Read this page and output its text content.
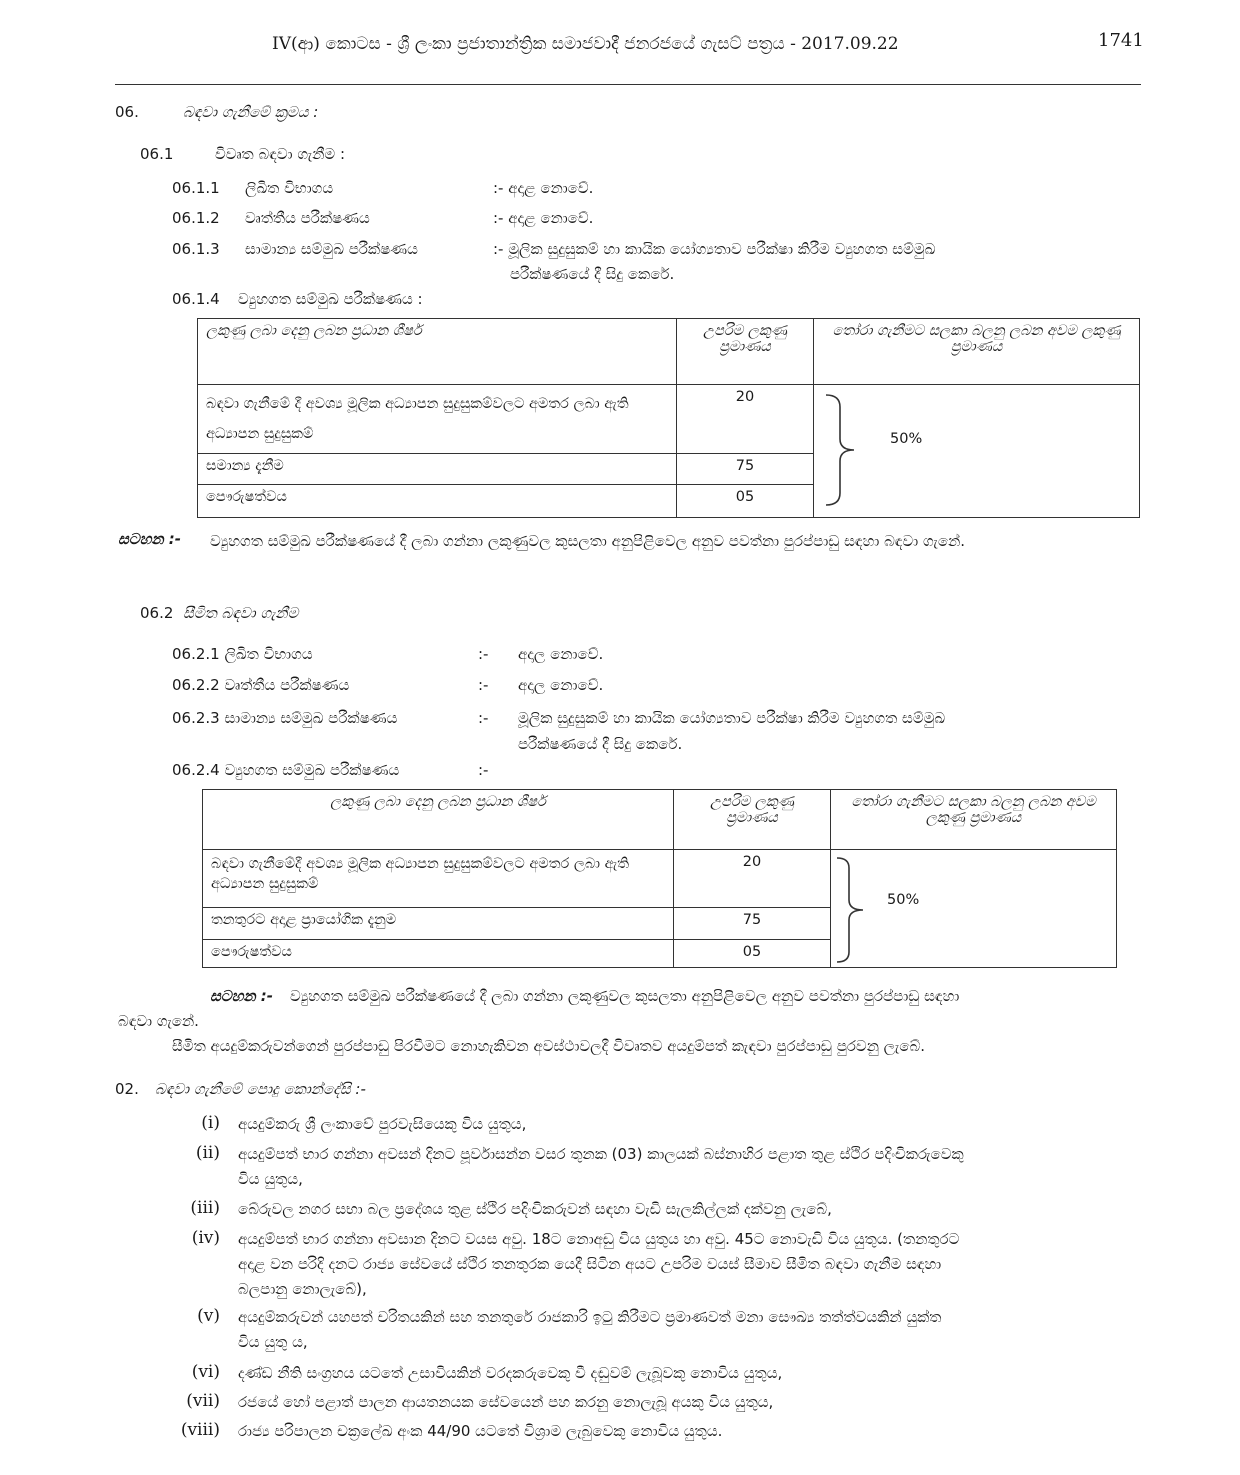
IV(ආ) කොටස - ශ්‍රී ලංකා ප්‍රජාතාන්ත්‍රික සමාජවාදී ජනරජයේ ගැසට් පත්‍රය - 2017.09.22	1741
06.	බඳවා ගැනීමේ ක්‍රමය :
06.1	විවෘත බඳවා ගැනීම :
06.1.1 ලිඛිත විභාගය	:- අදාළ නොවේ.
06.1.2 වෘත්තීය පරීක්ෂණය	:- අදාළ නොවේ.
06.1.3 සාමාන්‍ය සම්මුඛ පරීක්ෂණය	:- මූලික සුදුසුකම් හා කායික යෝග්‍යතාව පරීක්ෂා කිරීම ව්‍යුහගත සම්මුඛ
පරීක්ෂණයේ දී සිදු කෙරේ.
06.1.4 ව්‍යුහගත සම්මුඛ පරීක්ෂණය :
ලකුණු ලබා දෙනු ලබන ප්‍රධාන ශීර්ෂ	උපරිම ලකුණු ප්‍රමාණය	තෝරා ගැනීමට සලකා බලනු ලබන අවම ලකුණු ප්‍රමාණය
බඳවා ගැනීමේ දී අවශ්‍ය මූලික අධ්‍යාපන සුදුසුකම්වලට අමතර ලබා ඇති අධ්‍යාපන සුදුසුකම්	20	50%

සමාන්‍ය දැනීම	75	
පෞරුෂත්වය	05	
සටහන :- ව්‍යුහගත සම්මුඛ පරීක්ෂණයේ දී ලබා ගන්නා ලකුණුවල කුසලතා අනුපිළිවෙල අනුව පවත්නා පුරප්පාඩු සඳහා බඳවා ගැනේ.
06.2 සීමිත බඳවා ගැනීම
06.2.1 ලිඛිත විභාගය	:- අදාල නොවේ.
06.2.2 වෘත්තීය පරීක්ෂණය	:- අදාල නොවේ.
06.2.3 සාමාන්‍ය සම්මුඛ පරීක්ෂණය	:- මූලික සුදුසුකම් හා කායික යෝග්‍යතාව පරීක්ෂා කිරීම ව්‍යුහගත සම්මුඛ
පරීක්ෂණයේ දී සිදු කෙරේ.
06.2.4 ව්‍යුහගත සම්මුඛ පරීක්ෂණය	:-
ලකුණු ලබා දෙනු ලබන ප්‍රධාන ශීර්ෂ	උපරිම ලකුණු ප්‍රමාණය	තෝරා ගැනීමට සලකා බලනු ලබන අවම ලකුණු ප්‍රමාණය
බඳවා ගැනීමේදී අවශ්‍ය මූලික අධ්‍යාපන සුදුසුකම්වලට අමතර ලබා ඇති අධ්‍යාපන සුදුසුකම්	20	50%

තනතුරට අදාළ ප්‍රායෝගික දැනුම	75	
පෞරුෂත්වය	05	
සටහන :- ව්‍යුහගත සම්මුඛ පරීක්ෂණයේ දී ලබා ගන්නා ලකුණුවල කුසලතා අනුපිළිවෙල අනුව පවත්නා පුරප්පාඩු සඳහා
බඳවා ගැනේ.
සීමිත අයදුම්කරුවන්ගෙන් පුරප්පාඩු පිරවීමට නොහැකිවන අවස්ථාවලදී විවෘතව අයදුම්පත් කැඳවා පුරප්පාඩු පුරවනු ලැබේ.
02. බඳවා ගැනීමේ පොදු කොන්දේසි :-
(i) අයදුම්කරු ශ්‍රී ලංකාවේ පුරවැසියෙකු විය යුතුය,
(ii) අයදුම්පත් භාර ගන්නා අවසන් දිනට පූර්වාසන්න වසර තුනක (03) කාලයක් බස්නාහිර පළාත තුළ ස්ථිර පදිංචිකරුවෙකු
විය යුතුය,
(iii) බේරුවල නගර සභා බල ප්‍රදේශය තුළ ස්ථිර පදිංචිකරුවන් සඳහා වැඩි සැලකිල්ලක් දක්වනු ලැබේ,
(iv) අයදුම්පත් භාර ගන්නා අවසාන දිනට වයස අවු. 18ට නොඅඩු විය යුතුය හා අවු. 45ට නොවැඩි විය යුතුය. (තනතුරට
අදාළ වන පරිදි දනට රාජ්‍ය සේවයේ ස්ථිර තනතුරක යෙදී සිටින අයට උපරිම වයස් සීමාව සීමිත බඳවා ගැනීම සඳහා
බලපානු නොලැබේ),
(v) අයදුම්කරුවන් යහපත් චරිතයකින් සහ තනතුරේ රාජකාරි ඉටු කිරීමට ප්‍රමාණවත් මනා සෞඛ්‍ය තත්ත්වයකින් යුක්ත
විය යුතු ය,
(vi) දණ්ඩ නීති සංග්‍රහය යටතේ උසාවියකින් වරදකරුවෙකු වී දඬුවම් ලැබූවකු නොවිය යුතුය,
(vii) රජයේ හෝ පළාත් පාලන ආයතනයක සේවයෙන් පහ කරනු නොලැබූ අයකු විය යුතුය,
(viii) රාජ්‍ය පරිපාලන චක්‍රලේඛ අංක 44/90 යටතේ විශ්‍රාම ලැබුවෙකු නොවිය යුතුය.
